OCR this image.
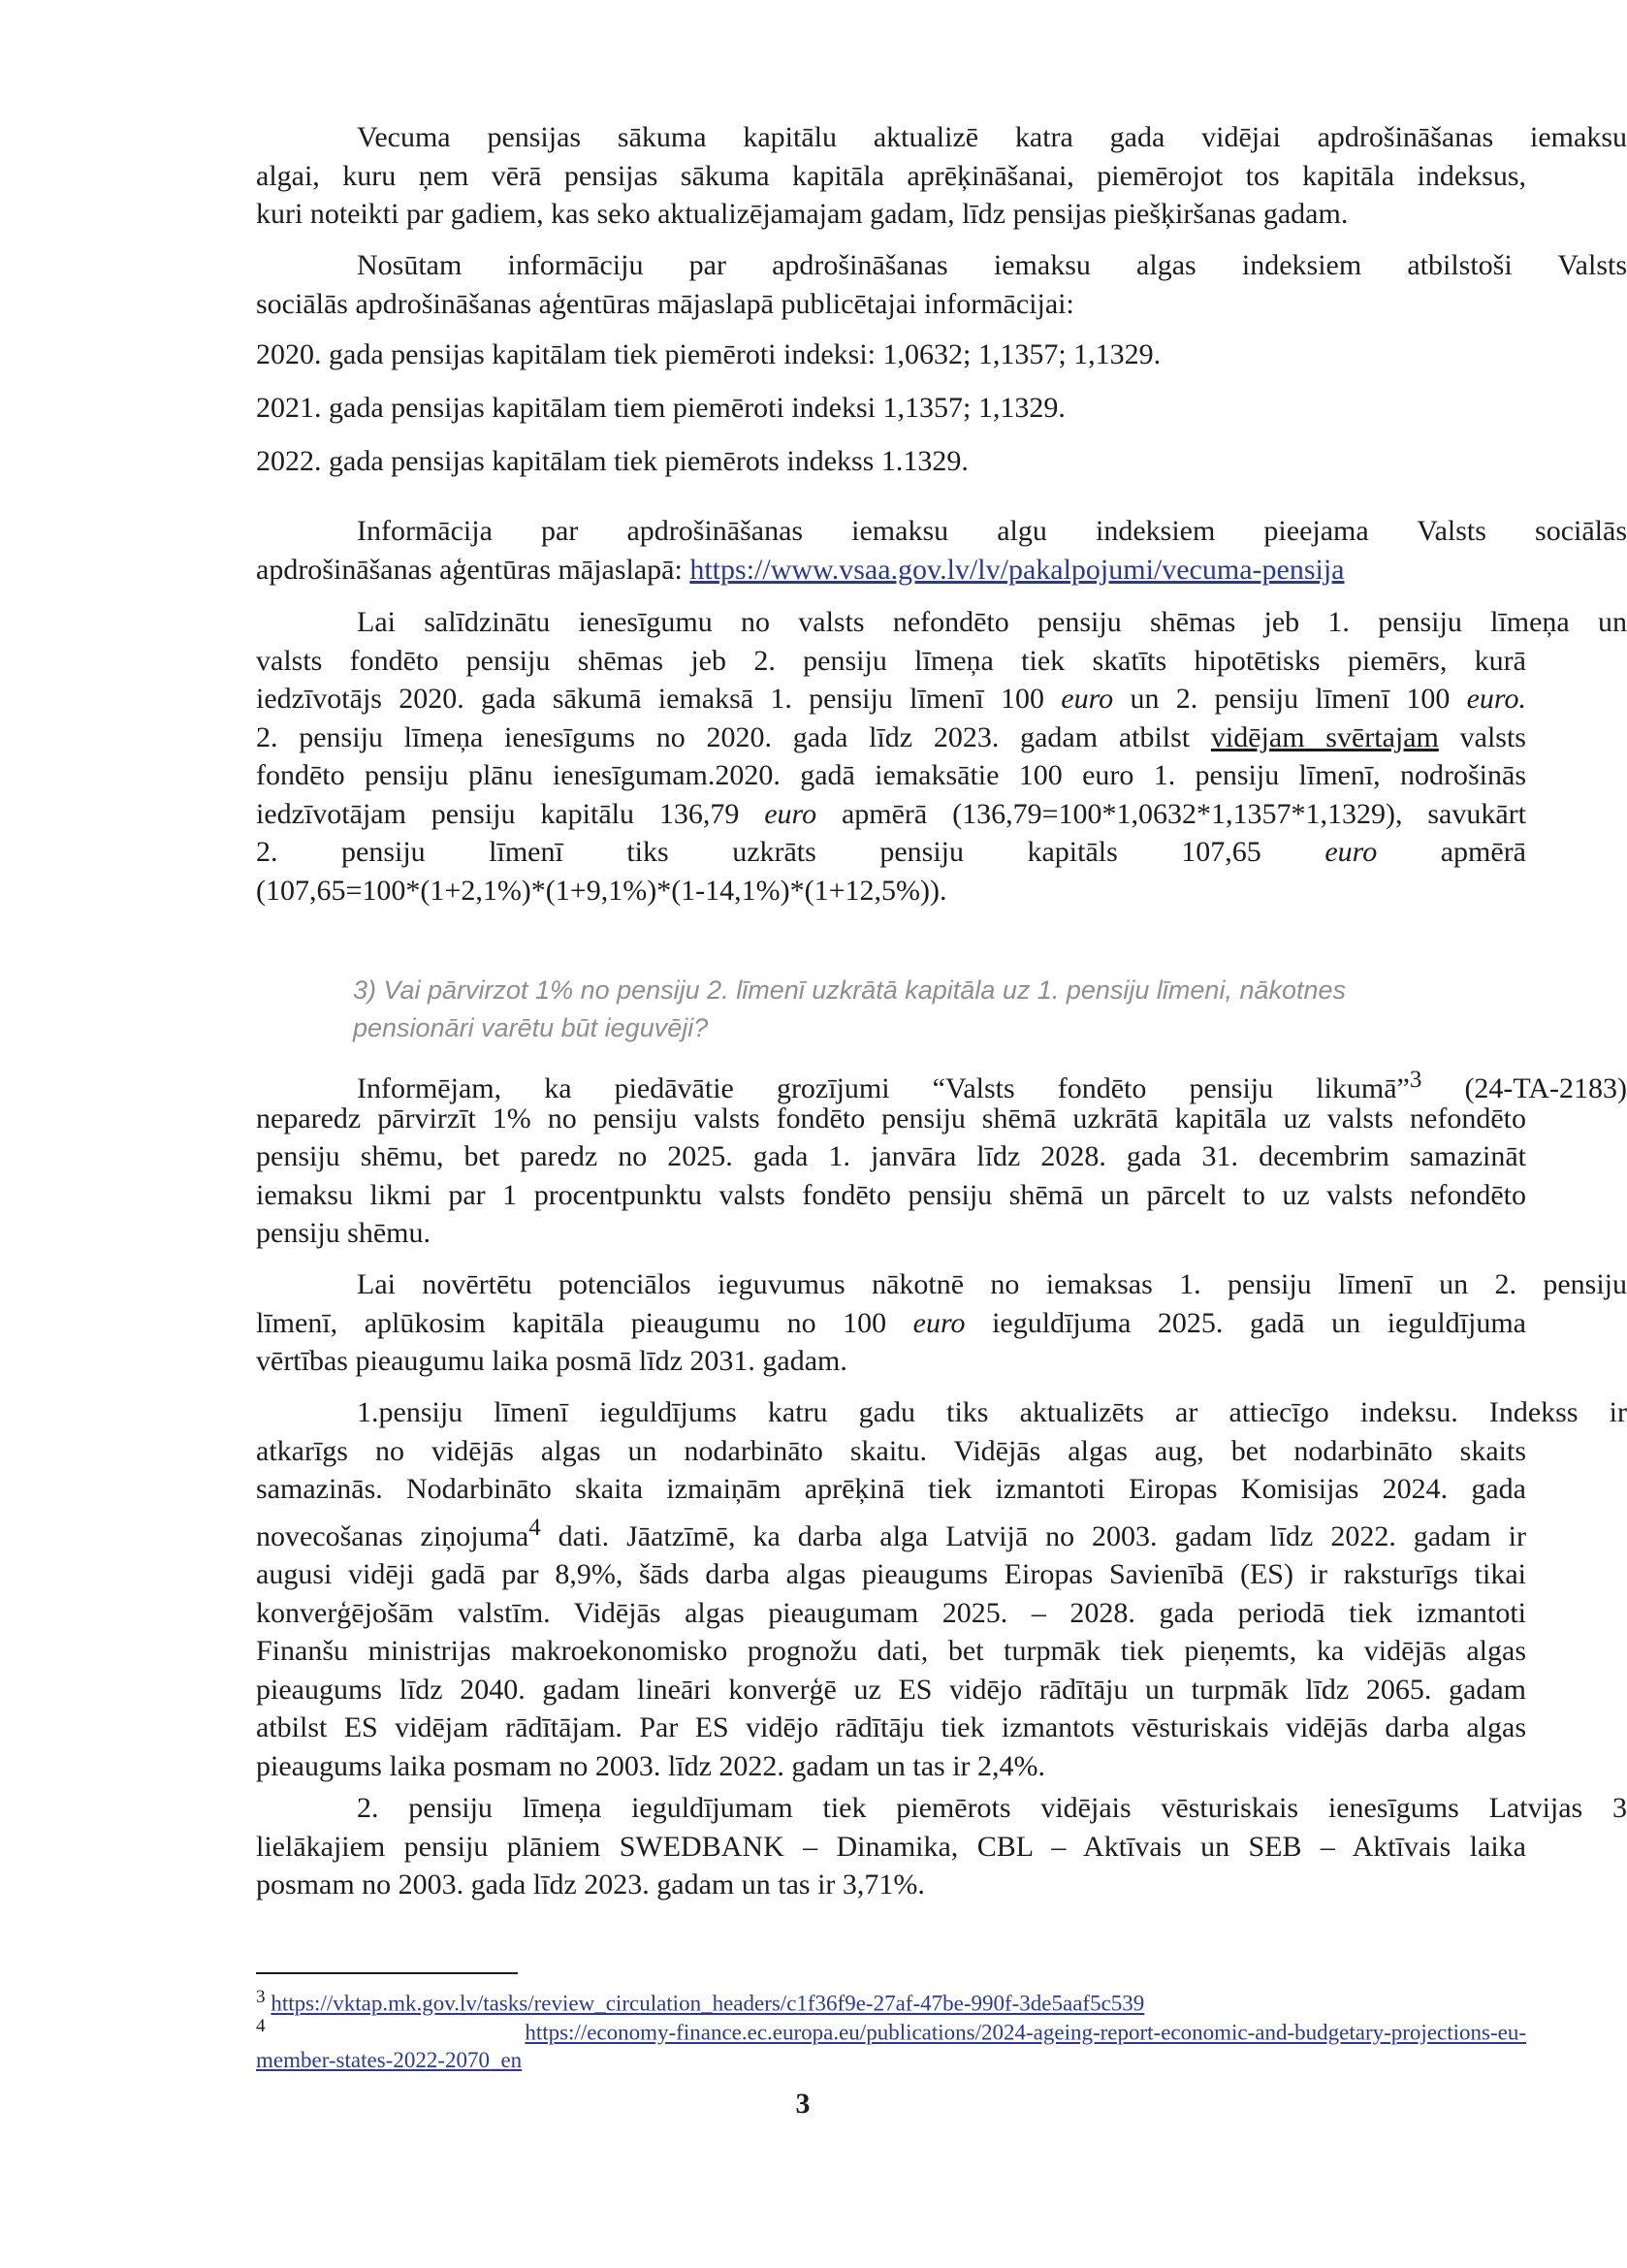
Vecuma pensijas sākuma kapitālu aktualizē katra gada vidējai apdrošināšanas iemaksu
algai, kuru ņem vērā pensijas sākuma kapitāla aprēķināšanai, piemērojot tos kapitāla indeksus,
kuri noteikti par gadiem, kas seko aktualizējamajam gadam, līdz pensijas piešķiršanas gadam.
Nosūtam informāciju par apdrošināšanas iemaksu algas indeksiem atbilstoši Valsts
sociālās apdrošināšanas aģentūras mājaslapā publicētajai informācijai:
2020. gada pensijas kapitālam tiek piemēroti indeksi: 1,0632; 1,1357; 1,1329.
2021. gada pensijas kapitālam tiem piemēroti indeksi 1,1357; 1,1329.
2022. gada pensijas kapitālam tiek piemērots indekss 1.1329.
Informācija par apdrošināšanas iemaksu algu indeksiem pieejama Valsts sociālās
apdrošināšanas aģentūras mājaslapā: https://www.vsaa.gov.lv/lv/pakalpojumi/vecuma-pensija
Lai salīdzinātu ienesīgumu no valsts nefondēto pensiju shēmas jeb 1. pensiju līmeņa un
valsts fondēto pensiju shēmas jeb 2. pensiju līmeņa tiek skatīts hipotētisks piemērs, kurā
iedzīvotājs 2020. gada sākumā iemaksā 1. pensiju līmenī 100 euro un 2. pensiju līmenī 100 euro.
2. pensiju līmeņa ienesīgums no 2020. gada līdz 2023. gadam atbilst vidējam svērtajam valsts
fondēto pensiju plānu ienesīgumam.2020. gadā iemaksātie 100 euro 1. pensiju līmenī, nodrošinās
iedzīvotājam pensiju kapitālu 136,79 euro apmērā (136,79=100*1,0632*1,1357*1,1329), savukārt
2. pensiju līmenī tiks uzkrāts pensiju kapitāls 107,65 euro apmērā
(107,65=100*(1+2,1%)*(1+9,1%)*(1-14,1%)*(1+12,5%)).
3) Vai pārvirzot 1% no pensiju 2. līmenī uzkrātā kapitāla uz 1. pensiju līmeni, nākotnes
pensionāri varētu būt ieguvēji?
Informējam, ka piedāvātie grozījumi “Valsts fondēto pensiju likumā”$^3$ (24-TA-2183)
neparedz pārvirzīt 1% no pensiju valsts fondēto pensiju shēmā uzkrātā kapitāla uz valsts nefondēto
pensiju shēmu, bet paredz no 2025. gada 1. janvāra līdz 2028. gada 31. decembrim samazināt
iemaksu likmi par 1 procentpunktu valsts fondēto pensiju shēmā un pārcelt to uz valsts nefondēto
pensiju shēmu.
Lai novērtētu potenciālos ieguvumus nākotnē no iemaksas 1. pensiju līmenī un 2. pensiju
līmenī, aplūkosim kapitāla pieaugumu no 100 euro ieguldījuma 2025. gadā un ieguldījuma
vērtības pieaugumu laika posmā līdz 2031. gadam.
1.pensiju līmenī ieguldījums katru gadu tiks aktualizēts ar attiecīgo indeksu. Indekss ir
atkarīgs no vidējās algas un nodarbināto skaitu. Vidējās algas aug, bet nodarbināto skaits
samazinās. Nodarbināto skaita izmaiņām aprēķinā tiek izmantoti Eiropas Komisijas 2024. gada
novecošanas ziņojuma$^4$ dati. Jāatzīmē, ka darba alga Latvijā no 2003. gadam līdz 2022. gadam ir
augusi vidēji gadā par 8,9%, šāds darba algas pieaugums Eiropas Savienībā (ES) ir raksturīgs tikai
konverģējošām valstīm. Vidējās algas pieaugumam 2025. – 2028. gada periodā tiek izmantoti
Finanšu ministrijas makroekonomisko prognožu dati, bet turpmāk tiek pieņemts, ka vidējās algas
pieaugums līdz 2040. gadam lineāri konverģē uz ES vidējo rādītāju un turpmāk līdz 2065. gadam
atbilst ES vidējam rādītājam. Par ES vidējo rādītāju tiek izmantots vēsturiskais vidējās darba algas
pieaugums laika posmam no 2003. līdz 2022. gadam un tas ir 2,4%.
2. pensiju līmeņa ieguldījumam tiek piemērots vidējais vēsturiskais ienesīgums Latvijas 3
lielākajiem pensiju plāniem SWEDBANK – Dinamika, CBL – Aktīvais un SEB – Aktīvais laika
posmam no 2003. gada līdz 2023. gadam un tas ir 3,71%.
$^3$ https://vktap.mk.gov.lv/tasks/review_circulation_headers/c1f36f9e-27af-47be-990f-3de5aaf5c539
$^4$	https://economy-finance.ec.europa.eu/publications/2024-ageing-report-economic-and-budgetary-projections-eu-
member-states-2022-2070_en
3
